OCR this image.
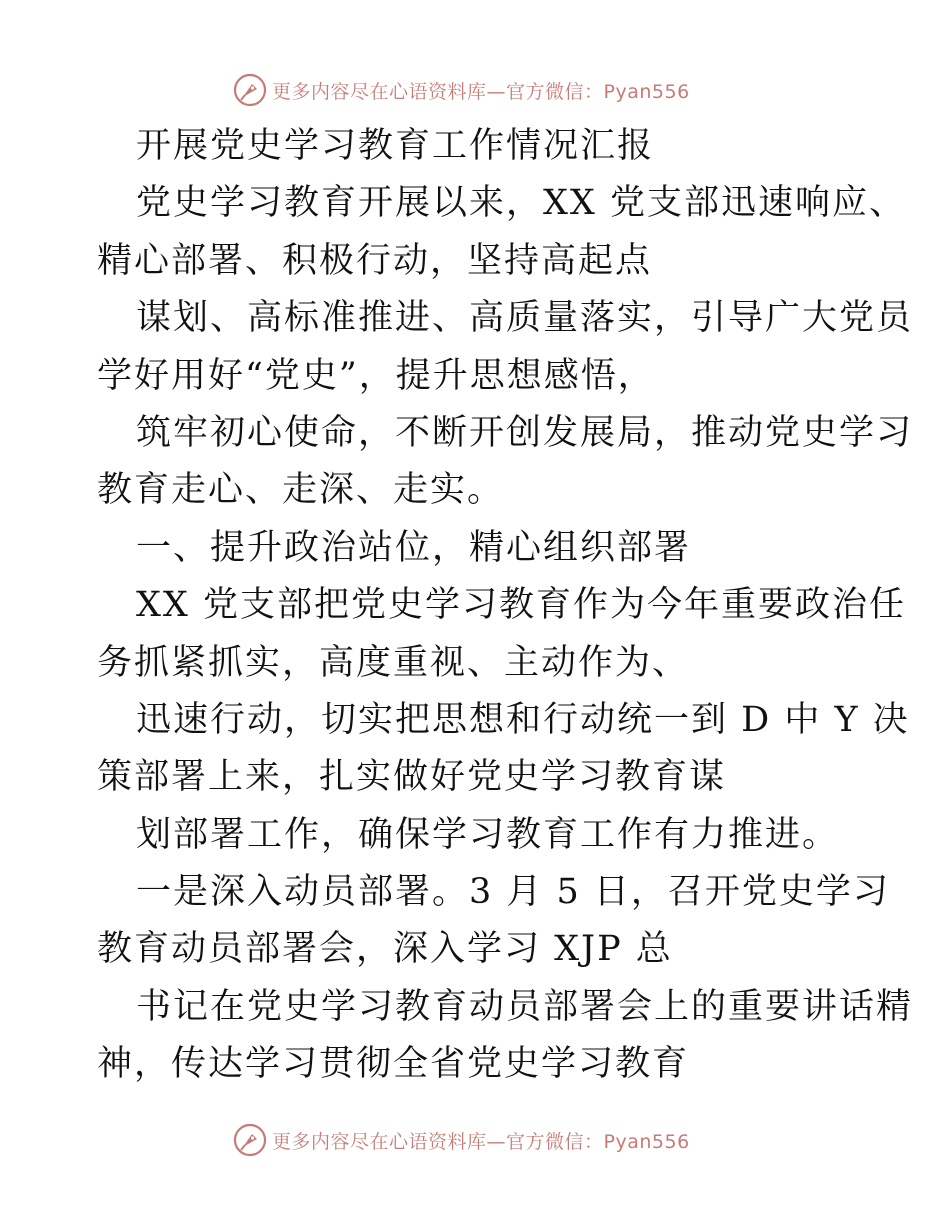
更多内容尽在心语资料库—官方微信：Pyan556
开展党史学习教育工作情况汇报
党史学习教育开展以来，XX 党支部迅速响应、
精心部署、积极行动，坚持高起点
谋划、高标准推进、高质量落实，引导广大党员
学好用好“党史”，提升思想感悟，
筑牢初心使命，不断开创发展局，推动党史学习
教育走心、走深、走实。
一、提升政治站位，精心组织部署
XX 党支部把党史学习教育作为今年重要政治任
务抓紧抓实，高度重视、主动作为、
迅速行动，切实把思想和行动统一到 D 中 Y 决
策部署上来，扎实做好党史学习教育谋
划部署工作，确保学习教育工作有力推进。
一是深入动员部署。3 月 5 日，召开党史学习
教育动员部署会，深入学习 XJP 总
书记在党史学习教育动员部署会上的重要讲话精
神，传达学习贯彻全省党史学习教育
更多内容尽在心语资料库—官方微信：Pyan556
